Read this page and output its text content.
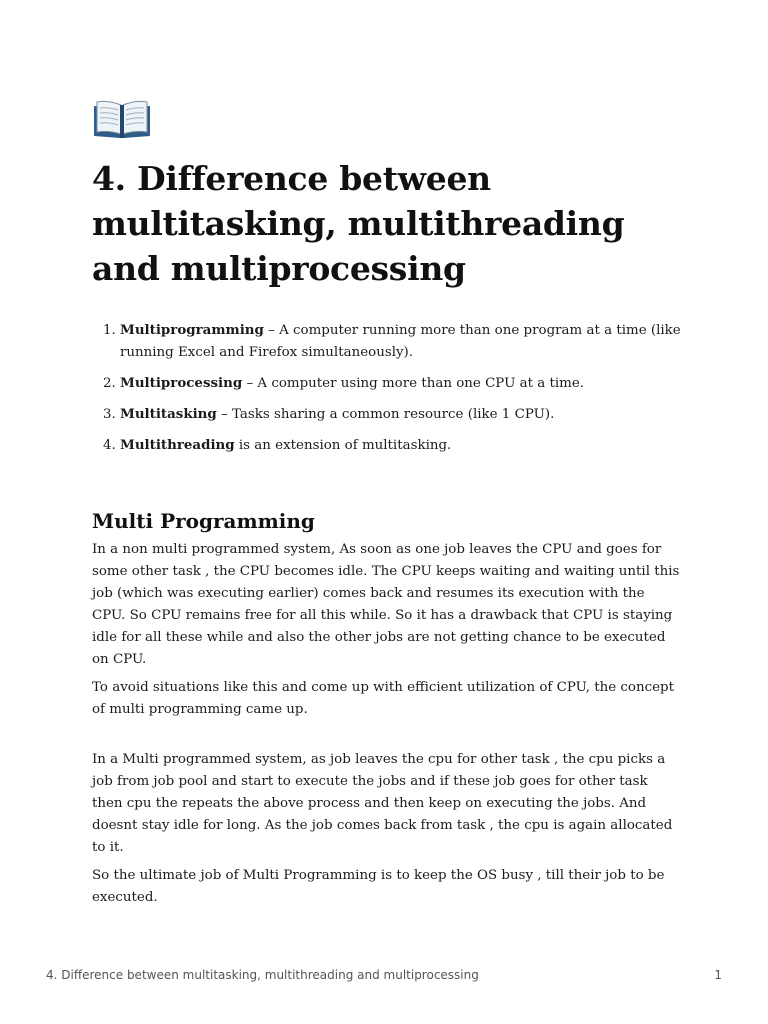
4. Difference between multitasking, multithreading and multiprocessing
1. Multiprogramming – A computer running more than one program at a time (like running Excel and Firefox simultaneously).
2. Multiprocessing – A computer using more than one CPU at a time.
3. Multitasking – Tasks sharing a common resource (like 1 CPU).
4. Multithreading is an extension of multitasking.
Multi Programming

In a non multi programmed system, As soon as one job leaves the CPU and goes for some other task , the CPU becomes idle. The CPU keeps waiting and waiting until this job (which was executing earlier) comes back and resumes its execution with the CPU. So CPU remains free for all this while. So it has a drawback that CPU is staying idle for all these while and also the other jobs are not getting chance to be executed on CPU.

To avoid situations like this and come up with efficient utilization of CPU, the concept of multi programming came up.

In a Multi programmed system, as job leaves the cpu for other task , the cpu picks a job from job pool and start to execute the jobs and if these job goes for other task then cpu the repeats the above process and then keep on executing the jobs. And doesnt stay idle for long. As the job comes back from task , the cpu is again allocated to it.

So the ultimate job of Multi Programming is to keep the OS busy , till their job to be executed.

4. Difference between multitasking, multithreading and multiprocessing	1
